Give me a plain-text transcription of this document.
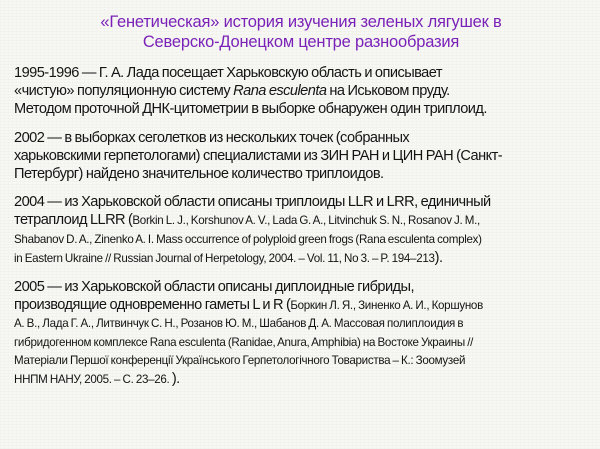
«Генетическая» история изучения зеленых лягушек в
Северско-Донецком центре разнообразия
1995-1996 — Г. А. Лада посещает Харьковскую область и описывает
«чистую» популяционную систему Rana esculenta на Иськовом пруду.
Методом проточной ДНК-цитометрии в выборке обнаружен один триплоид.
2002 — в выборках сеголетков из нескольких точек (собранных
харьковскими герпетологами) специалистами из ЗИН РАН и ЦИН РАН (Санкт-
Петербург) найдено значительное количество триплоидов.
2004 — из Харьковской области описаны триплоиды LLR и LRR, единичный
тетраплоид LLRR (Borkin L. J., Korshunov A. V., Lada G. A., Litvinchuk S. N., Rosanov J. M.,
Shabanov D. A., Zinenko A. I. Mass occurrence of polyploid green frogs (Rana esculenta complex)
in Eastern Ukraine // Russian Journal of Herpetology, 2004. – Vol. 11, No 3. – P. 194–213).
2005 — из Харьковской области описаны диплоидные гибриды,
производящие одновременно гаметы L и R (Боркин Л. Я., Зиненко А. И., Коршунов
А. В., Лада Г. А., Литвинчук С. Н., Розанов Ю. М., Шабанов Д. А. Массовая полиплоидия в
гибридогенном комплексе Rana esculenta (Ranidae, Anura, Amphibia) на Востоке Украины //
Матеріали Першої конференції Українського Герпетологічного Товариства – К.: Зоомузей
ННПМ НАНУ, 2005. – С. 23–26. ).
